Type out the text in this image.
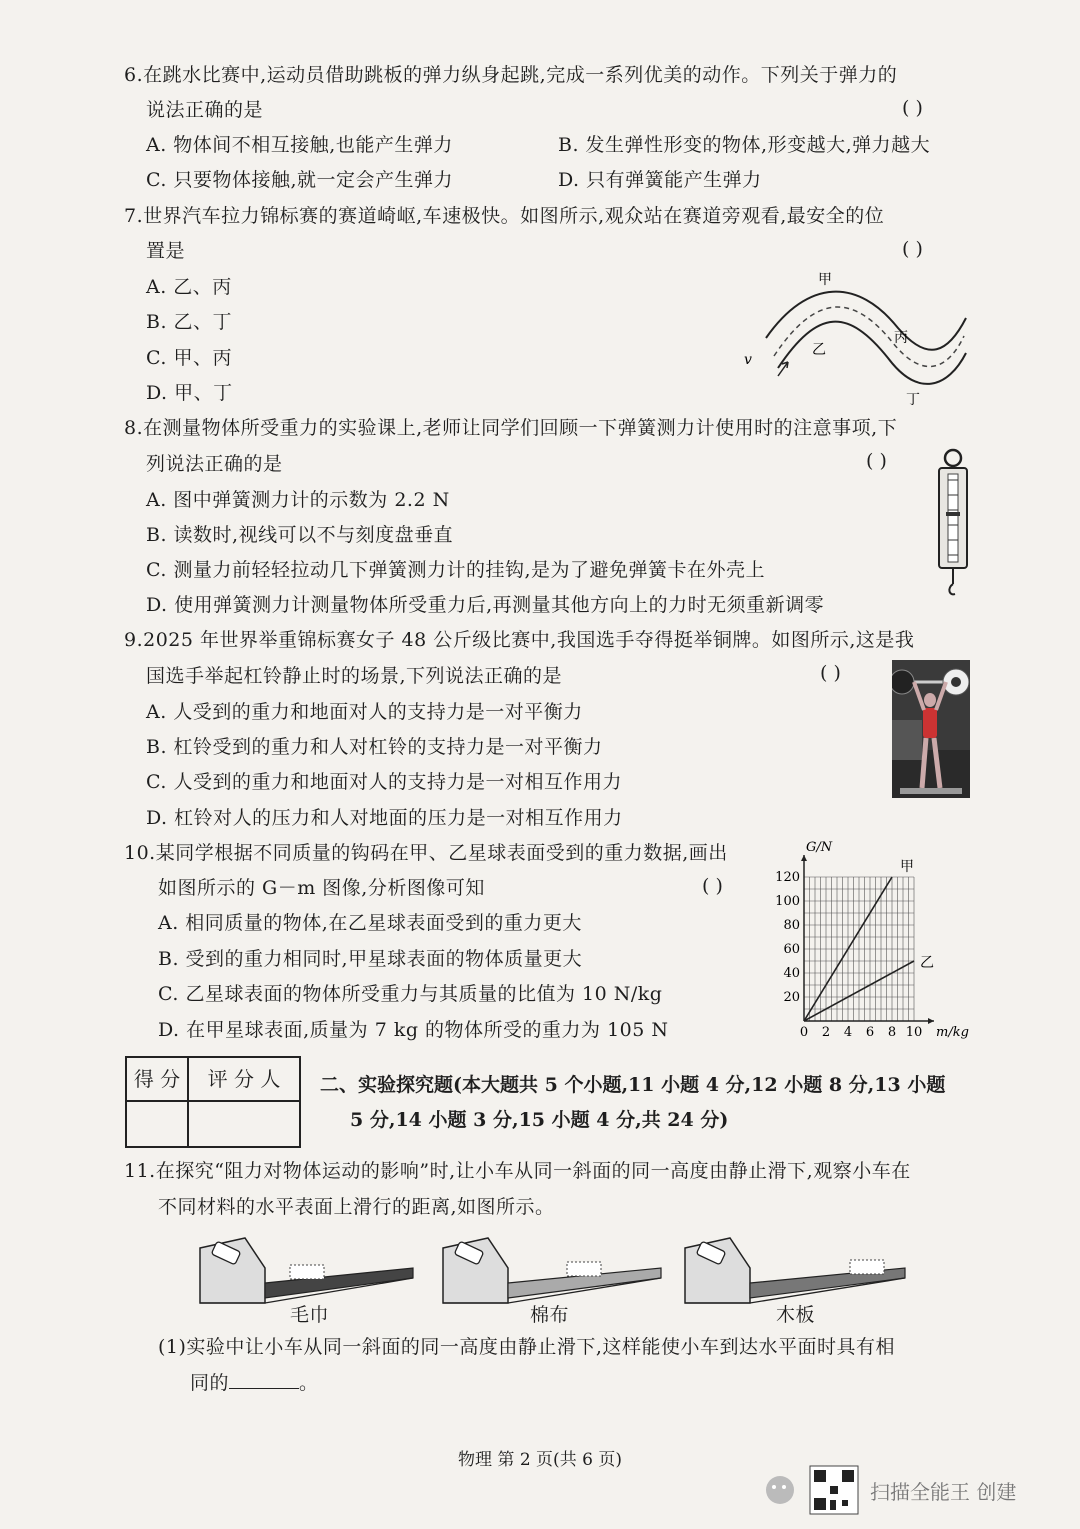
6.在跳水比赛中,运动员借助跳板的弹力纵身起跳,完成一系列优美的动作。下列关于弹力的
说法正确的是	( )
A. 物体间不相互接触,也能产生弹力	B. 发生弹性形变的物体,形变越大,弹力越大
C. 只要物体接触,就一定会产生弹力	D. 只有弹簧能产生弹力
7.世界汽车拉力锦标赛的赛道崎岖,车速极快。如图所示,观众站在赛道旁观看,最安全的位
置是	( )
A. 乙、丙
B. 乙、丁
C. 甲、丙
D. 甲、丁
甲
乙
丙
丁
v
8.在测量物体所受重力的实验课上,老师让同学们回顾一下弹簧测力计使用时的注意事项,下
列说法正确的是	( )
A. 图中弹簧测力计的示数为 2.2 N
B. 读数时,视线可以不与刻度盘垂直
C. 测量力前轻轻拉动几下弹簧测力计的挂钩,是为了避免弹簧卡在外壳上
D. 使用弹簧测力计测量物体所受重力后,再测量其他方向上的力时无须重新调零
9.2025 年世界举重锦标赛女子 48 公斤级比赛中,我国选手夺得挺举铜牌。如图所示,这是我
国选手举起杠铃静止时的场景,下列说法正确的是	( )
A. 人受到的重力和地面对人的支持力是一对平衡力
B. 杠铃受到的重力和人对杠铃的支持力是一对平衡力
C. 人受到的重力和地面对人的支持力是一对相互作用力
D. 杠铃对人的压力和人对地面的压力是一对相互作用力
10.某同学根据不同质量的钩码在甲、乙星球表面受到的重力数据,画出
如图所示的 G－m 图像,分析图像可知	( )
A. 相同质量的物体,在乙星球表面受到的重力更大
B. 受到的重力相同时,甲星球表面的物体质量更大
C. 乙星球表面的物体所受重力与其质量的比值为 10 N/kg
D. 在甲星球表面,质量为 7 kg 的物体所受的重力为 105 N	0 2 4 6 8 10
20
40
60
80
100
120
m/kg
G/N
甲
乙
得 分	评 分 人	二、实验探究题(本大题共 5 个小题,11 小题 4 分,12 小题 8 分,13 小题
5 分,14 小题 3 分,15 小题 4 分,共 24 分)
11.在探究“阻力对物体运动的影响”时,让小车从同一斜面的同一高度由静止滑下,观察小车在
不同材料的水平表面上滑行的距离,如图所示。
毛巾	棉布	木板
(1)实验中让小车从同一斜面的同一高度由静止滑下,这样能使小车到达水平面时具有相
同的	。
物理 第 2 页(共 6 页)
扫描全能王 创建
